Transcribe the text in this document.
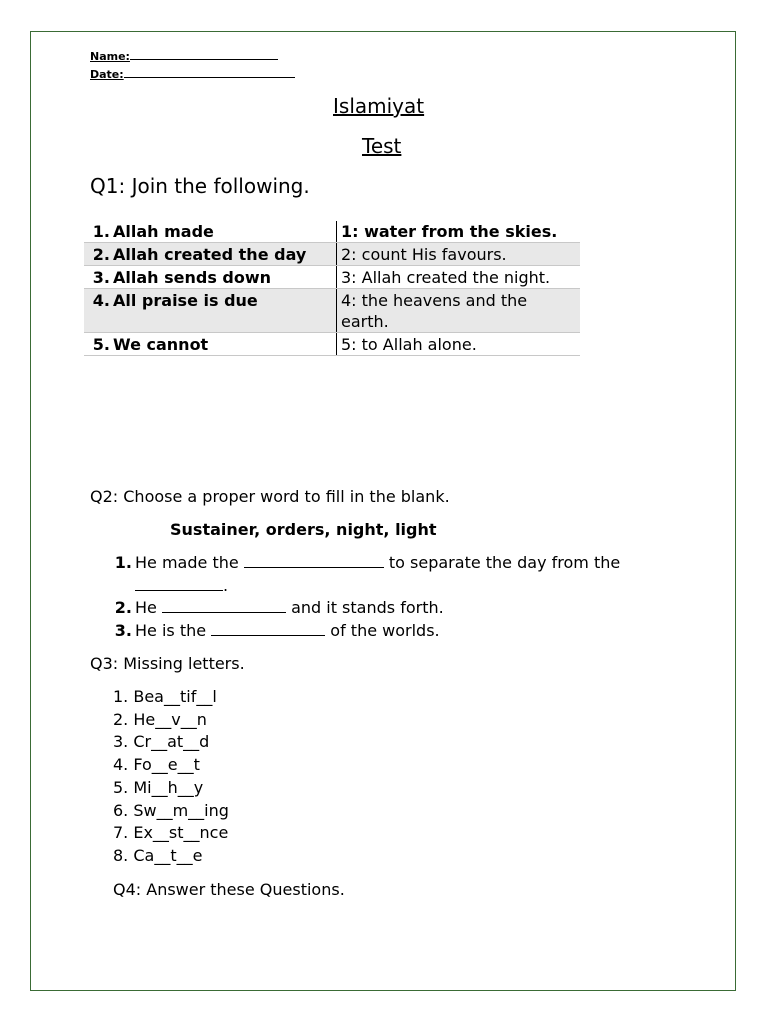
Name:
Date:
Islamiyat
Test
Q1: Join the following.
1. Allah made	1: water from the skies.
2. Allah created the day	2: count His favours.
3. Allah sends down	3: Allah created the night.
4. All praise is due	4: the heavens and the earth.
5. We cannot	5: to Allah alone.
Q2: Choose a proper word to fill in the blank.
Sustainer, orders, night, light
1. He made the	to separate the day from the
.
2. He	and it stands forth.
3. He is the	of the worlds.
Q3: Missing letters.
1. Bea__tif__l
2. He__v__n
3. Cr__at__d
4. Fo__e__t
5. Mi__h__y
6. Sw__m__ing
7. Ex__st__nce
8. Ca__t__e
Q4: Answer these Questions.
